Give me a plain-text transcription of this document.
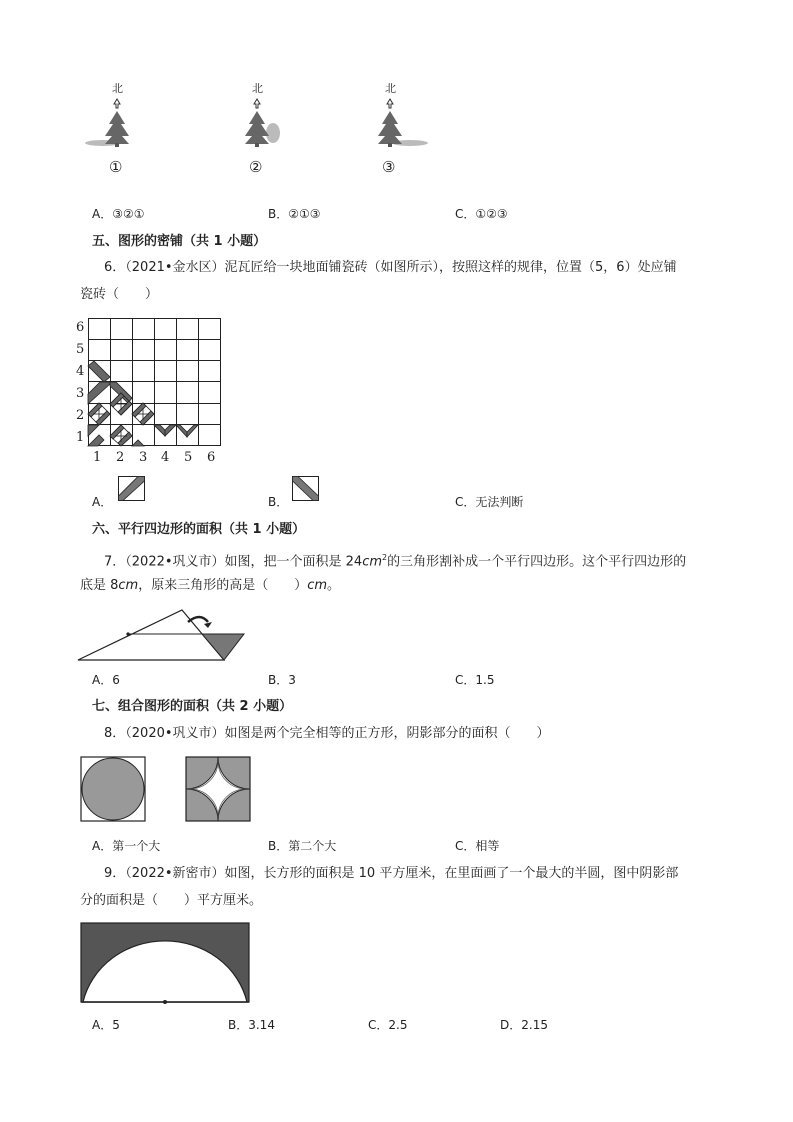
北
①
北
②
北
③
A．③②①	B．②①③	C．①②③
五、图形的密铺（共 1 小题）
6．（2021•金水区）泥瓦匠给一块地面铺瓷砖（如图所示），按照这样的规律，位置（5，6）处应铺
瓷砖（　　）
6
5
4
3
2
1
1 2 3 4 5 6
A．	B．	C．无法判断
六、平行四边形的面积（共 1 小题）
7．（2022•巩义市）如图，把一个面积是 $24cm^2$的三角形割补成一个平行四边形。这个平行四边形的
底是 8cm，原来三角形的高是（　　）cm。
A．6	B．3	C．1.5
七、组合图形的面积（共 2 小题）
8．（2020•巩义市）如图是两个完全相等的正方形，阴影部分的面积（　　）
A．第一个大	B．第二个大	C．相等
9．（2022•新密市）如图，长方形的面积是 10 平方厘米，在里面画了一个最大的半圆，图中阴影部
分的面积是（　　）平方厘米。
A．5	B．3.14	C．2.5	D．2.15
